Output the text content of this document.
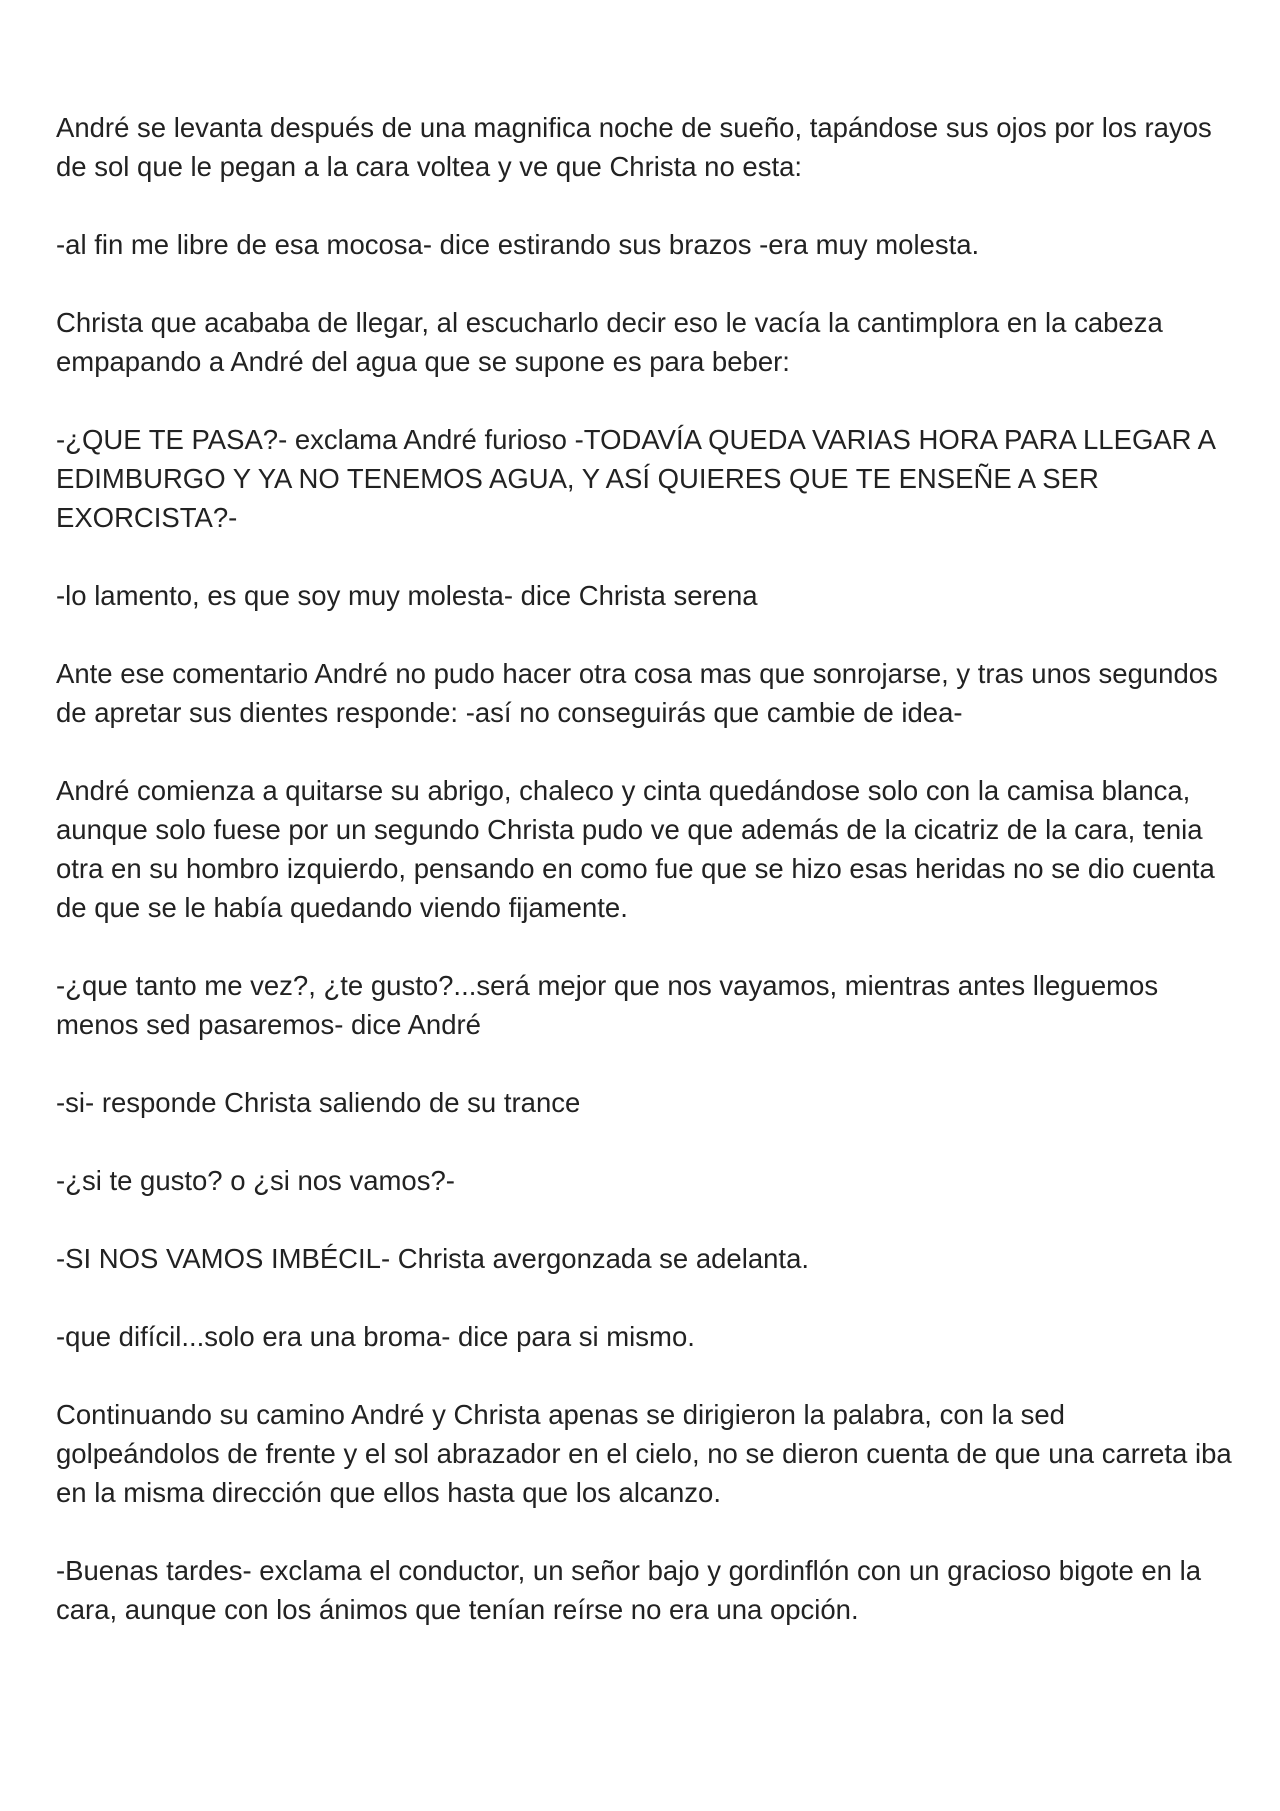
André se levanta después de una magnifica noche de sueño, tapándose sus ojos por los rayos de sol que le pegan a la cara voltea y ve que Christa no esta:

-al fin me libre de esa mocosa- dice estirando sus brazos -era muy molesta.

Christa que acababa de llegar, al escucharlo decir eso le vacía la cantimplora en la cabeza empapando a André del agua que se supone es para beber:

-¿QUE TE PASA?- exclama André furioso -TODAVÍA QUEDA VARIAS HORA PARA LLEGAR A EDIMBURGO Y YA NO TENEMOS AGUA, Y ASÍ QUIERES QUE TE ENSEÑE A SER EXORCISTA?-

-lo lamento, es que soy muy molesta- dice Christa serena

Ante ese comentario André no pudo hacer otra cosa mas que sonrojarse, y tras unos segundos de apretar sus dientes responde: -así no conseguirás que cambie de idea-

André comienza a quitarse su abrigo, chaleco y cinta quedándose solo con la camisa blanca, aunque solo fuese por un segundo Christa pudo ve que además de la cicatriz de la cara, tenia otra en su hombro izquierdo, pensando en como fue que se hizo esas heridas no se dio cuenta de que se le había quedando viendo fijamente.

-¿que tanto me vez?, ¿te gusto?...será mejor que nos vayamos, mientras antes lleguemos menos sed pasaremos- dice André

-si- responde Christa saliendo de su trance

-¿si te gusto? o ¿si nos vamos?-

-SI NOS VAMOS IMBÉCIL- Christa avergonzada se adelanta.

-que difícil...solo era una broma- dice para si mismo.

Continuando su camino André y Christa apenas se dirigieron la palabra, con la sed golpeándolos de frente y el sol abrazador en el cielo, no se dieron cuenta de que una carreta iba en la misma dirección que ellos hasta que los alcanzo.

-Buenas tardes- exclama el conductor, un señor bajo y gordinflón con un gracioso bigote en la cara, aunque con los ánimos que tenían reírse no era una opción.
